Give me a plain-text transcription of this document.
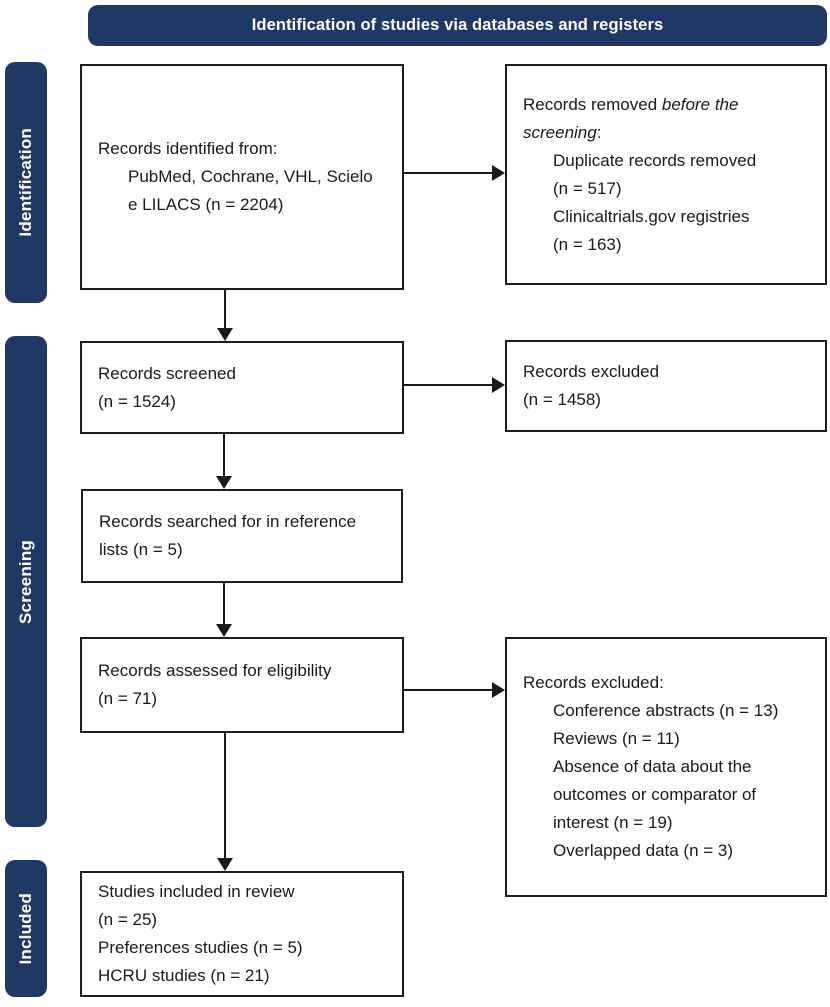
Identification of studies via databases and registers
Identification
Screening
Included
Records identified from:
PubMed, Cochrane, VHL, Scielo
e LILACS (n = 2204)
Records removed before the
screening:
Duplicate records removed
(n = 517)
Clinicaltrials.gov registries
(n = 163)
Records screened
(n = 1524)
Records excluded
(n = 1458)
Records searched for in reference
lists (n = 5)
Records assessed for eligibility
(n = 71)
Records excluded:
Conference abstracts (n = 13)
Reviews (n = 11)
Absence of data about the
outcomes or comparator of
interest (n = 19)
Overlapped data (n = 3)
Studies included in review
(n = 25)
Preferences studies (n = 5)
HCRU studies (n = 21)
